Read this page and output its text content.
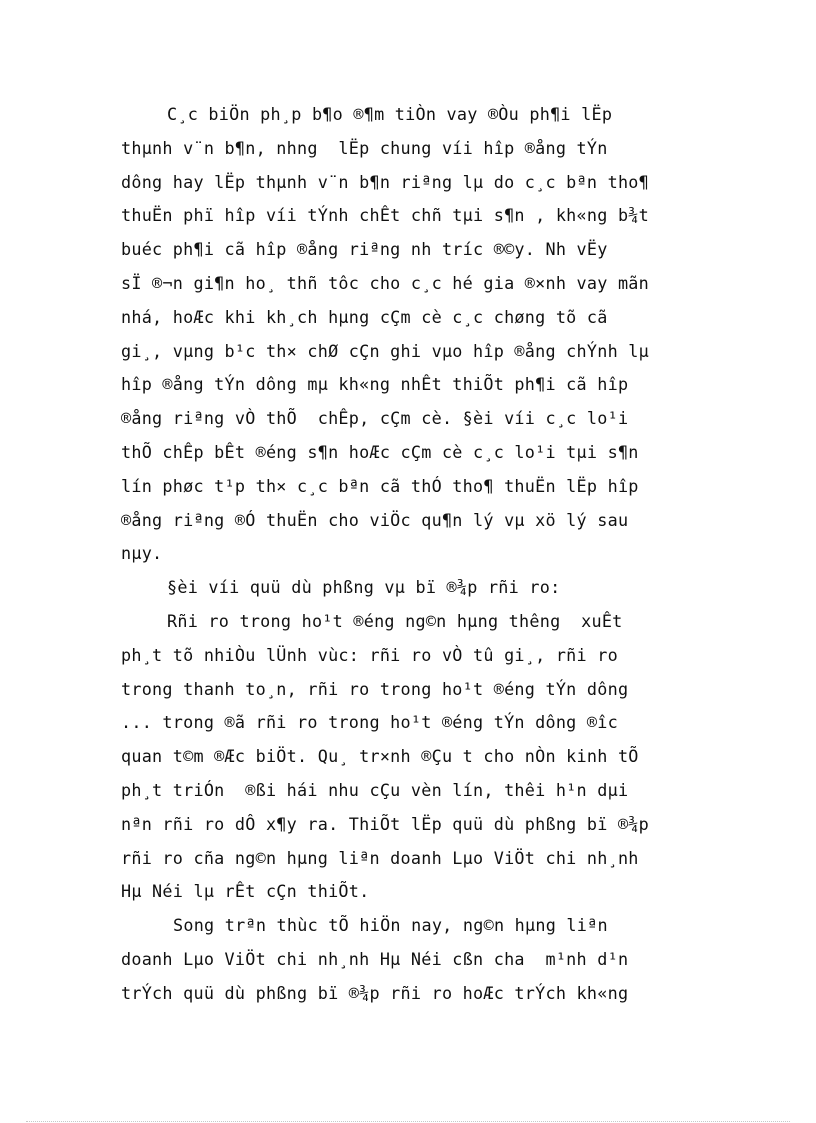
C¸c biÖn ph¸p b¶o ®¶m tiÒn vay ®Òu ph¶i lËp
thµnh v¨n b¶n, nhng  lËp chung víi hîp ®ång tÝn
dông hay lËp thµnh v¨n b¶n riªng lµ do c¸c bªn tho¶
thuËn phï hîp víi tÝnh chÊt chñ tµi s¶n , kh«ng b¾t
buéc ph¶i cã hîp ®ång riªng nh tríc ®©y. Nh vËy
sÏ ®¬n gi¶n ho¸ thñ tôc cho c¸c hé gia ®×nh vay mãn
nhá, hoÆc khi kh¸ch hµng cÇm cè c¸c chøng tõ cã
gi¸, vµng b¹c th× chØ cÇn ghi vµo hîp ®ång chÝnh lµ
hîp ®ång tÝn dông mµ kh«ng nhÊt thiÕt ph¶i cã hîp
®ång riªng vÒ thÕ  chÊp, cÇm cè. §èi víi c¸c lo¹i
thÕ chÊp bÊt ®éng s¶n hoÆc cÇm cè c¸c lo¹i tµi s¶n
lín phøc t¹p th× c¸c bªn cã thÓ tho¶ thuËn lËp hîp
®ång riªng ®Ó thuËn cho viÖc qu¶n lý vµ xö lý sau
nµy.
§èi víi quü dù phßng vµ bï ®¾p rñi ro:
Rñi ro trong ho¹t ®éng ng©n hµng thêng  xuÊt
ph¸t tõ nhiÒu lÜnh vùc: rñi ro vÒ tû gi¸, rñi ro
trong thanh to¸n, rñi ro trong ho¹t ®éng tÝn dông
... trong ®ã rñi ro trong ho¹t ®éng tÝn dông ®îc
quan t©m ®Æc biÖt. Qu¸ tr×nh ®Çu t cho nÒn kinh tÕ
ph¸t triÓn  ®ßi hái nhu cÇu vèn lín, thêi h¹n dµi
nªn rñi ro dÔ x¶y ra. ThiÕt lËp quü dù phßng bï ®¾p
rñi ro cña ng©n hµng liªn doanh Lµo ViÖt chi nh¸nh
Hµ Néi lµ rÊt cÇn thiÕt.
Song trªn thùc tÕ hiÖn nay, ng©n hµng liªn
doanh Lµo ViÖt chi nh¸nh Hµ Néi cßn cha  m¹nh d¹n
trÝch quü dù phßng bï ®¾p rñi ro hoÆc trÝch kh«ng
